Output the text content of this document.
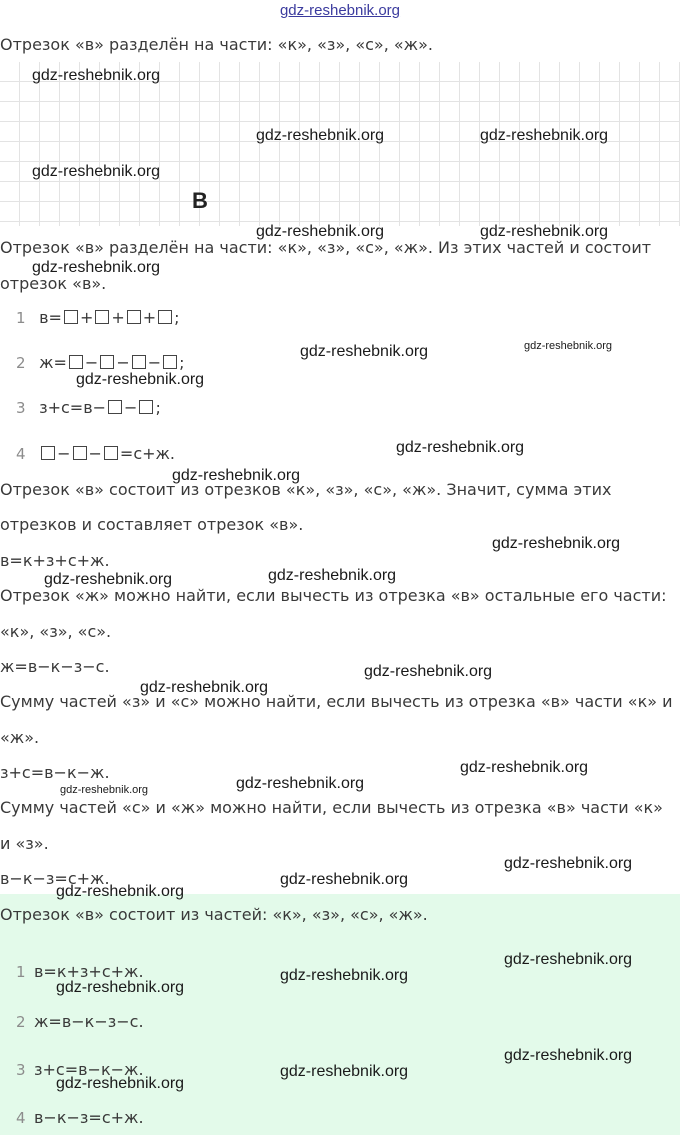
gdz-reshebnik.org
Отрезок «в» разделён на части: «к», «з», «с», «ж».
В
Отрезок «в» разделён на части: «к», «з», «с», «ж». Из этих частей и состоит
отрезок «в».
1 в= + + + ;
2 ж= − − − ;
3 з+с=в− − ;
4 − − =с+ж.
Отрезок «в» состоит из отрезков «к», «з», «с», «ж». Значит, сумма этих
отрезков и составляет отрезок «в».
в=к+з+с+ж.
Отрезок «ж» можно найти, если вычесть из отрезка «в» остальные его части:
«к», «з», «с».
ж=в−к−з−с.
Сумму частей «з» и «с» можно найти, если вычесть из отрезка «в» части «к» и
«ж».
з+с=в−к−ж.
Сумму частей «с» и «ж» можно найти, если вычесть из отрезка «в» части «к»
и «з».
в−к−з=с+ж.
Отрезок «в» состоит из частей: «к», «з», «с», «ж».
1 в=к+з+с+ж.
2 ж=в−к−з−с.
3 з+с=в−к−ж.
4 в−к−з=с+ж.
gdz-reshebnik.org
gdz-reshebnik.org	gdz-reshebnik.org
gdz-reshebnik.org
gdz-reshebnik.org	gdz-reshebnik.org
gdz-reshebnik.org
gdz-reshebnik.org	gdz-reshebnik.org
gdz-reshebnik.org
gdz-reshebnik.org
gdz-reshebnik.org
gdz-reshebnik.org
gdz-reshebnik.org	gdz-reshebnik.org
gdz-reshebnik.org
gdz-reshebnik.org
gdz-reshebnik.org
gdz-reshebnik.org
gdz-reshebnik.org
gdz-reshebnik.org
gdz-reshebnik.org
gdz-reshebnik.org
gdz-reshebnik.org
gdz-reshebnik.org
gdz-reshebnik.org
gdz-reshebnik.org
gdz-reshebnik.org
gdz-reshebnik.org
